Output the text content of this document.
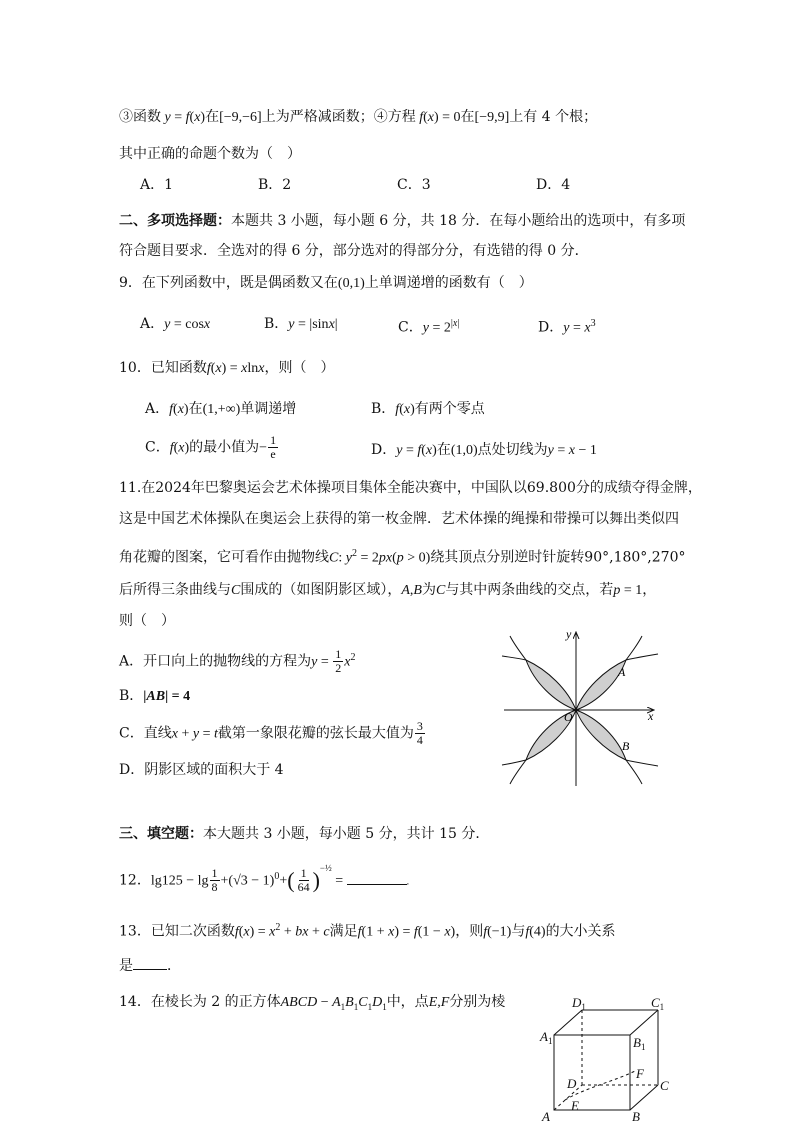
③函数 y = f(x)在[−9,−6]上为严格减函数；④方程 f(x) = 0在[−9,9]上有 4 个根；
其中正确的命题个数为（　）
A．1	B．2	C．3	D．4
二、多项选择题：本题共 3 小题，每小题 6 分，共 18 分．在每小题给出的选项中，有多项
符合题目要求．全选对的得 6 分，部分选对的得部分分，有选错的得 0 分．
9．在下列函数中，既是偶函数又在(0,1)上单调递增的函数有（　）
A．y = cosx	B．y = |sinx|	C．$y = 2^{|x|}$	D．$y = x^3$
10．已知函数f(x) = xlnx，则（　）
A．f(x)在(1,+∞)单调递增	B．f(x)有两个零点
C．f(x)的最小值为− $\frac{1}{e}$	D．y = f(x)在(1,0)点处切线为y = x − 1
11.在2024年巴黎奥运会艺术体操项目集体全能决赛中，中国队以69.800分的成绩夺得金牌，
这是中国艺术体操队在奥运会上获得的第一枚金牌．艺术体操的绳操和带操可以舞出类似四
角花瓣的图案，它可看作由抛物线C: $y^2 = 2px(p > 0)$绕其顶点分别逆时针旋转90°,180°,270°
后所得三条曲线与C围成的（如图阴影区域），A,B为C与其中两条曲线的交点，若p = 1，
则（　）
A．开口向上的抛物线的方程为$y = \frac{1}{2} x^2$
B．|AB| = 4
C．直线x + y = t截第一象限花瓣的弦长最大值为 $\frac{3}{4}$
D．阴影区域的面积大于 4
x
y
O
A
B
三、填空题：本大题共 3 小题，每小题 5 分，共计 15 分．
12．$\lg 125 - \lg \frac{1}{8} +(√3 - 1)^0+( \frac{1}{64} )^{-\frac{1}{2}}$ =	.
13．已知二次函数$f(x) = x^2$ + bx + c满足f(1 + x) = f(1 − x)，则f(−1)与f(4)的大小关系
是 ．
14．在棱长为 2 的正方体ABCD − $A_1B_1C_1D_1$中，点E,F分别为棱	$D_1$	$C_1$
$A_1$	$B_1$
D
F
C
E
A	B
